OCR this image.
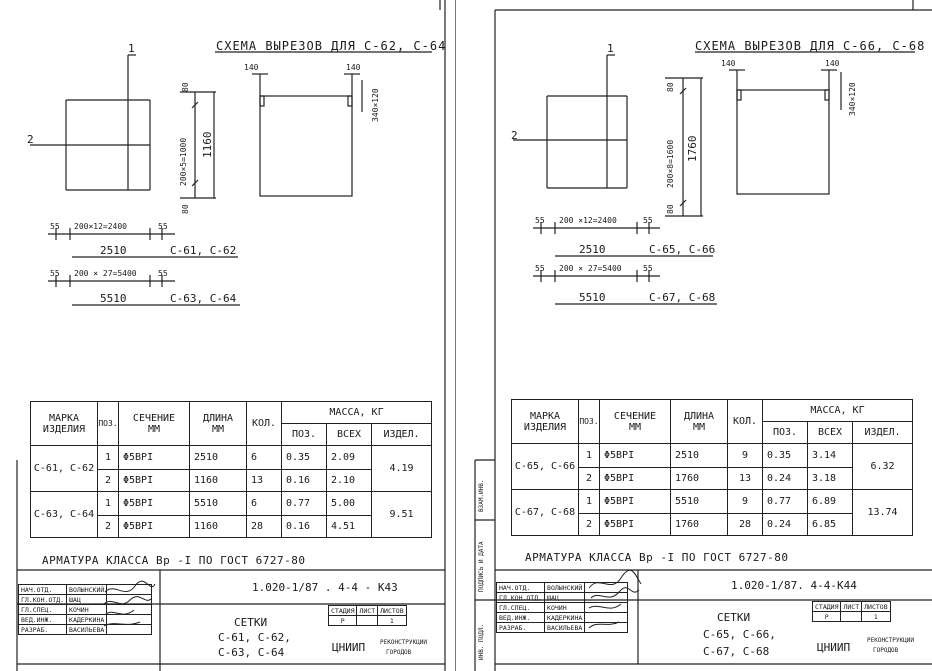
СХЕМА ВЫРЕЗОВ ДЛЯ С-62, С-64
1
2
140	140
340×120
80
200×5=1000 1160
80
55 200×12=2400	55
2510	С-61, С-62
55 200 × 27=5400	55
5510	С-63, С-64
МАРКА
ИЗДЕЛИЯ	ПОЗ.	СЕЧЕНИЕ
ММ	ДЛИНА
ММ	КОЛ.	МАССА, КГ		
					ПОЗ.	ВСЕХ	ИЗДЕЛ.
С-61, С-62	1	Φ5BPI	2510	6	0.35	2.09	4.19
	2	Φ5BPI	1160	13	0.16	2.10	
С-63, С-64	1	Φ5BPI	5510	6	0.77	5.00	9.51
	2	Φ5BPI	1160	28	0.16	4.51	
АРМАТУРА КЛАССА Bp -I ПО ГОСТ 6727-80
НАЧ.ОТД.	ВОЛЫНСКИЙ	
ГЛ.КОН.ОТД.	ШАЦ	
ГЛ.СПЕЦ.	КОЧИН	
ВЕД.ИНЖ.	КАДЕРКИНА	
РАЗРАБ.	ВАСИЛЬЕВА	
1.020-1/87 . 4-4 - К43
СЕТКИ
С-61, С-62,
С-63, С-64
СТАДИЯ	ЛИСТ	ЛИСТОВ
Р		1
ЦНИИП РЕКОНСТРУКЦИИ
ГОРОДОВ
СХЕМА ВЫРЕЗОВ ДЛЯ С-66, С-68
1
2
140	140
340×120
80
200×8=1600 1760
80
55 200 ×12=2400	55
2510	С-65, С-66
55 200 × 27=5400	55
5510	С-67, С-68
МАРКА
ИЗДЕЛИЯ	ПОЗ.	СЕЧЕНИЕ
ММ	ДЛИНА
ММ	КОЛ.	МАССА, КГ		
					ПОЗ.	ВСЕХ	ИЗДЕЛ.
С-65, С-66	1	Φ5BPI	2510	9	0.35	3.14	6.32
	2	Φ5BPI	1760	13	0.24	3.18	
С-67, С-68	1	Φ5BPI	5510	9	0.77	6.89	13.74
	2	Φ5BPI	1760	28	0.24	6.85	
АРМАТУРА КЛАССА Bp -I ПО ГОСТ 6727-80
ВЗАМ.ИНВ.
ПОДПИСЬ И ДАТА
ИНВ. ПОДЛ.
НАЧ.ОТД.	ВОЛЫНСКИЙ	
ГЛ.КОН.ОТД.	ШАЦ	
ГЛ.СПЕЦ.	КОЧИН	
ВЕД.ИНЖ.	КАДЕРКИНА	
РАЗРАБ.	ВАСИЛЬЕВА	
1.020-1/87. 4-4-К44
СЕТКИ
С-65, С-66,
С-67, С-68
СТАДИЯ	ЛИСТ	ЛИСТОВ
Р		1
ЦНИИП
РЕКОНСТРУКЦИИ
ГОРОДОВ
